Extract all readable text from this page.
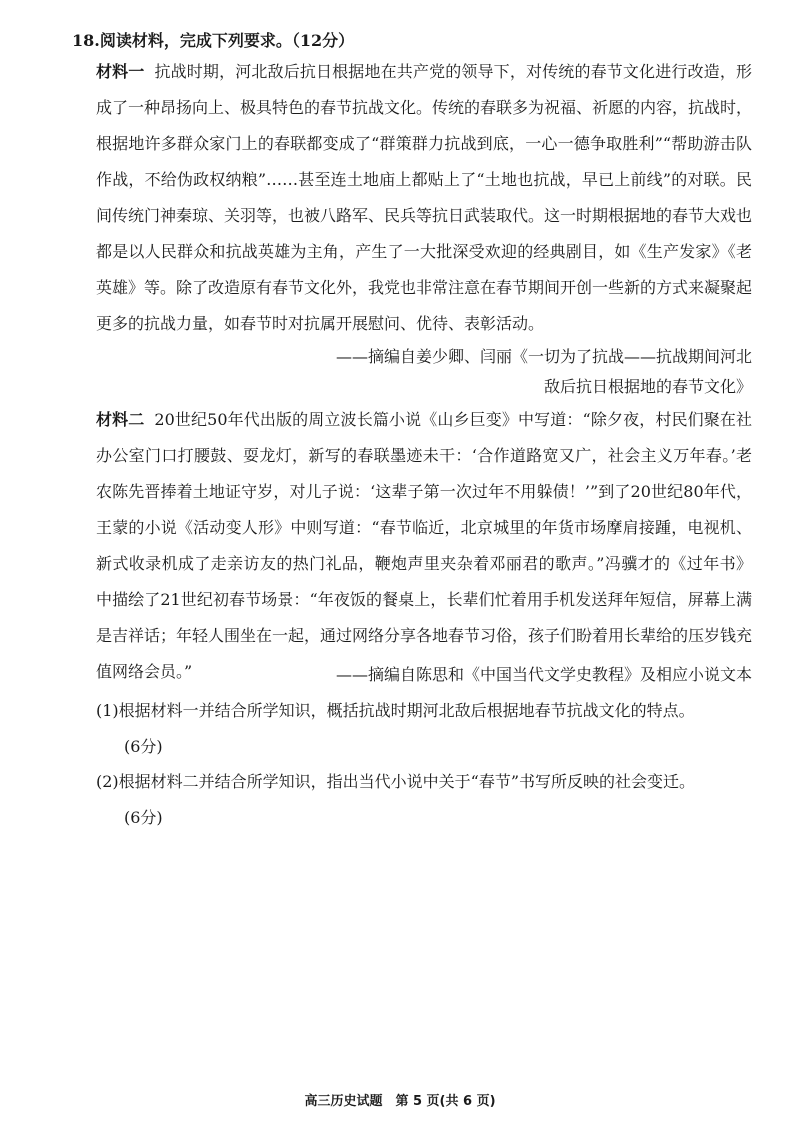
18.阅读材料，完成下列要求。（12分）
材料一 抗战时期，河北敌后抗日根据地在共产党的领导下，对传统的春节文化进行改造，形成了一种昂扬向上、极具特色的春节抗战文化。传统的春联多为祝福、祈愿的内容，抗战时，根据地许多群众家门上的春联都变成了“群策群力抗战到底，一心一德争取胜利”“帮助游击队作战，不给伪政权纳粮”……甚至连土地庙上都贴上了“土地也抗战，早已上前线”的对联。民间传统门神秦琼、关羽等，也被八路军、民兵等抗日武装取代。这一时期根据地的春节大戏也都是以人民群众和抗战英雄为主角，产生了一大批深受欢迎的经典剧目，如《生产发家》《老英雄》等。除了改造原有春节文化外，我党也非常注意在春节期间开创一些新的方式来凝聚起更多的抗战力量，如春节时对抗属开展慰问、优待、表彰活动。
——摘编自姜少卿、闫丽《一切为了抗战——抗战期间河北
敌后抗日根据地的春节文化》
材料二 20世纪50年代出版的周立波长篇小说《山乡巨变》中写道：“除夕夜，村民们聚在社办公室门口打腰鼓、耍龙灯，新写的春联墨迹未干：‘合作道路宽又广，社会主义万年春。’老农陈先晋捧着土地证守岁，对儿子说：‘这辈子第一次过年不用躲债！’”到了20世纪80年代，王蒙的小说《活动变人形》中则写道：“春节临近，北京城里的年货市场摩肩接踵，电视机、新式收录机成了走亲访友的热门礼品，鞭炮声里夹杂着邓丽君的歌声。”冯骥才的《过年书》中描绘了21世纪初春节场景：“年夜饭的餐桌上，长辈们忙着用手机发送拜年短信，屏幕上满是吉祥话；年轻人围坐在一起，通过网络分享各地春节习俗，孩子们盼着用长辈给的压岁钱充值网络会员。”	——摘编自陈思和《中国当代文学史教程》及相应小说文本
(1)根据材料一并结合所学知识，概括抗战时期河北敌后根据地春节抗战文化的特点。
(6分)
(2)根据材料二并结合所学知识，指出当代小说中关于“春节”书写所反映的社会变迁。
(6分)
高三历史试题　第 5 页(共 6 页)
